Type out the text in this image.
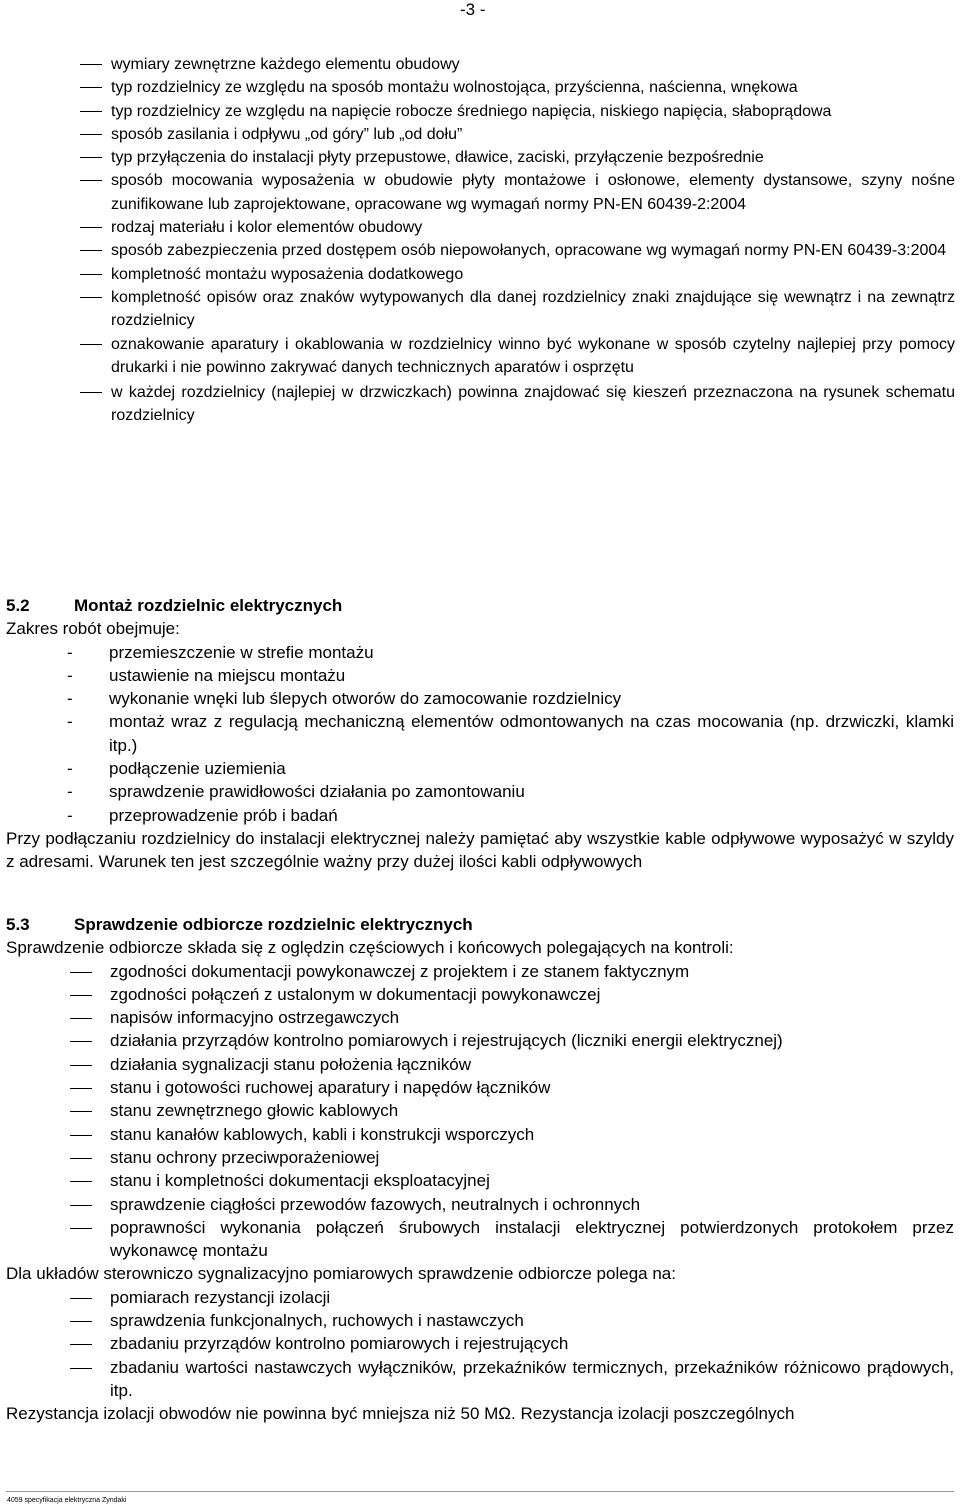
-3 -
wymiary zewnętrzne każdego elementu obudowy
typ rozdzielnicy ze względu na sposób montażu wolnostojąca, przyścienna, naścienna, wnękowa
typ rozdzielnicy ze względu na napięcie robocze średniego napięcia, niskiego napięcia, słaboprądowa
sposób zasilania i odpływu „od góry” lub „od dołu”
typ przyłączenia do instalacji płyty przepustowe, dławice, zaciski, przyłączenie bezpośrednie
sposób mocowania wyposażenia w obudowie płyty montażowe i osłonowe, elementy dystansowe, szyny nośne zunifikowane lub zaprojektowane, opracowane wg wymagań normy PN-EN 60439-2:2004
rodzaj materiału i kolor elementów obudowy
sposób zabezpieczenia przed dostępem osób niepowołanych, opracowane wg wymagań normy PN-EN 60439-3:2004
kompletność montażu wyposażenia dodatkowego
kompletność opisów oraz znaków wytypowanych dla danej rozdzielnicy znaki znajdujące się wewnątrz i na zewnątrz rozdzielnicy
oznakowanie aparatury i okablowania w rozdzielnicy winno być wykonane w sposób czytelny najlepiej przy pomocy drukarki i nie powinno zakrywać danych technicznych aparatów i osprzętu
w każdej rozdzielnicy (najlepiej w drzwiczkach) powinna znajdować się kieszeń przeznaczona na rysunek schematu rozdzielnicy

5.2	Montaż rozdzielnic elektrycznych

Zakres robót obejmuje:

- przemieszczenie w strefie montażu
- ustawienie na miejscu montażu
- wykonanie wnęki lub ślepych otworów do zamocowanie rozdzielnicy
- montaż wraz z regulacją mechaniczną elementów odmontowanych na czas mocowania (np. drzwiczki, klamki itp.)
- podłączenie uziemienia
- sprawdzenie prawidłowości działania po zamontowaniu
- przeprowadzenie prób i badań

Przy podłączaniu rozdzielnicy do instalacji elektrycznej należy pamiętać aby wszystkie kable odpływowe wyposażyć w szyldy z adresami. Warunek ten jest szczególnie ważny przy dużej ilości kabli odpływowych

5.3	Sprawdzenie odbiorcze rozdzielnic elektrycznych

Sprawdzenie odbiorcze składa się z oględzin częściowych i końcowych polegających na kontroli:

zgodności dokumentacji powykonawczej z projektem i ze stanem faktycznym
zgodności połączeń z ustalonym w dokumentacji powykonawczej
napisów informacyjno ostrzegawczych
działania przyrządów kontrolno pomiarowych i rejestrujących (liczniki energii elektrycznej)
działania sygnalizacji stanu położenia łączników
stanu i gotowości ruchowej aparatury i napędów łączników
stanu zewnętrznego głowic kablowych
stanu kanałów kablowych, kabli i konstrukcji wsporczych
stanu ochrony przeciwporażeniowej
stanu i kompletności dokumentacji eksploatacyjnej
sprawdzenie ciągłości przewodów fazowych, neutralnych i ochronnych
poprawności wykonania połączeń śrubowych instalacji elektrycznej potwierdzonych protokołem przez wykonawcę montażu

Dla układów sterowniczo sygnalizacyjno pomiarowych sprawdzenie odbiorcze polega na:

pomiarach rezystancji izolacji
sprawdzenia funkcjonalnych, ruchowych i nastawczych
zbadaniu przyrządów kontrolno pomiarowych i rejestrujących
zbadaniu wartości nastawczych wyłączników, przekaźników termicznych, przekaźników różnicowo prądowych, itp.

Rezystancja izolacji obwodów nie powinna być mniejsza niż 50 MΩ. Rezystancja izolacji poszczególnych

4059 specyfikacja elektryczna Zyndaki
